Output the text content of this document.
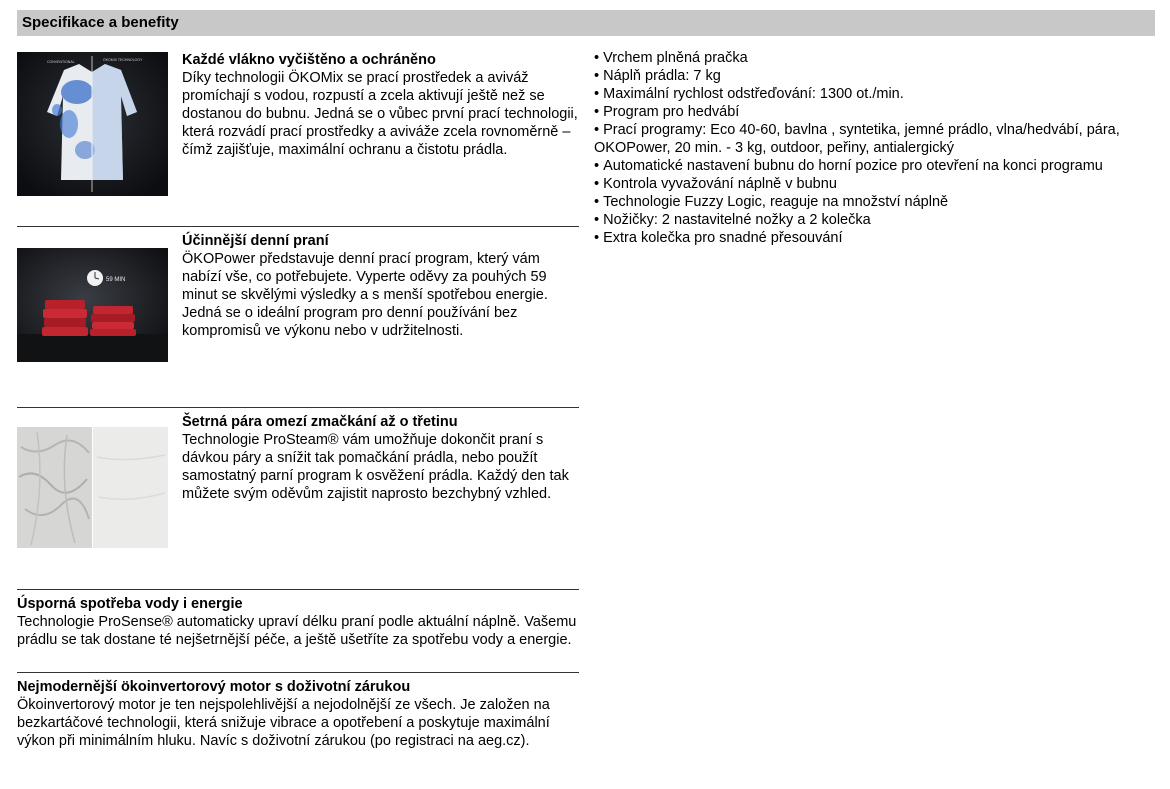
Specifikace a benefity
CONVENTIONAL	ÖKOMIX TECHNOLOGY	Každé vlákno vyčištěno a ochráněno
Díky technologii ÖKOMix se prací prostředek a aviváž promíchají s vodou, rozpustí a zcela aktivují ještě než se dostanou do bubnu. Jedná se o vůbec první prací technologii, která rozvádí prací prostředky a aviváže zcela rovnoměrně – čímž zajišťuje, maximální ochranu a čistotu prádla.
59 MIN
Účinnější denní praní
ÖKOPower představuje denní prací program, který vám nabízí vše, co potřebujete. Vyperte oděvy za pouhých 59 minut se skvělými výsledky a s menší spotřebou energie. Jedná se o ideální program pro denní používání bez kompromisů ve výkonu nebo v udržitelnosti.
Šetrná pára omezí zmačkání až o třetinu
Technologie ProSteam® vám umožňuje dokončit praní s dávkou páry a snížit tak pomačkání prádla, nebo použít samostatný parní program k osvěžení prádla. Každý den tak můžete svým oděvům zajistit naprosto bezchybný vzhled.
Úsporná spotřeba vody i energie
Technologie ProSense® automaticky upraví délku praní podle aktuální náplně. Vašemu prádlu se tak dostane té nejšetrnější péče, a ještě ušetříte za spotřebu vody a energie.
Nejmodernější ökoinvertorový motor s doživotní zárukou
Ökoinvertorový motor je ten nejspolehlivější a nejodolnější ze všech. Je založen na bezkartáčové technologii, která snižuje vibrace a opotřebení a poskytuje maximální výkon při minimálním hluku. Navíc s doživotní zárukou (po registraci na aeg.cz).
• Vrchem plněná pračka
• Náplň prádla: 7 kg
• Maximální rychlost odstřeďování: 1300 ot./min.
• Program pro hedvábí
• Prací programy: Eco 40-60, bavlna , syntetika, jemné prádlo, vlna/hedvábí, pára, OKOPower, 20 min. - 3 kg, outdoor, peřiny, antialergický
• Automatické nastavení bubnu do horní pozice pro otevření na konci programu
• Kontrola vyvažování náplně v bubnu
• Technologie Fuzzy Logic, reaguje na množství náplně
• Nožičky: 2 nastavitelné nožky a 2 kolečka
• Extra kolečka pro snadné přesouvání
